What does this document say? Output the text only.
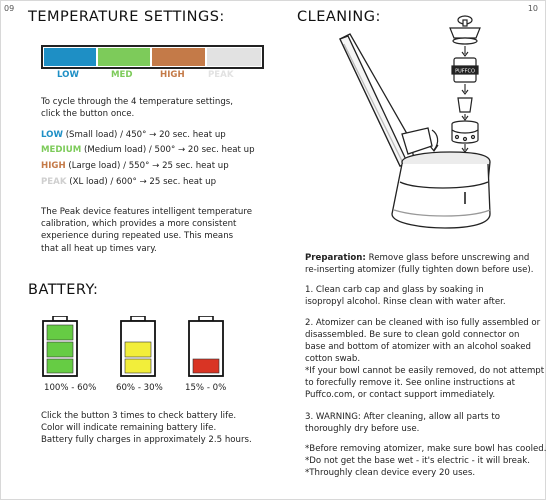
09	10
TEMPERATURE SETTINGS:
LOW	MED	HIGH	PEAK

To cycle through the 4 temperature settings,

click the button once.

LOW (Small load) / 450° → 20 sec. heat up
MEDIUM (Medium load) / 500° → 20 sec. heat up
HIGH (Large load) / 550° → 25 sec. heat up
PEAK (XL load) / 600° → 25 sec. heat up

The Peak device features intelligent temperature

calibration, which provides a more consistent

experience during repeated use. This means

that all heat up times vary.

BATTERY:
100% - 60% 60% - 30%	15% - 0%

Click the button 3 times to check battery life.

Color will indicate remaining battery life.

Battery fully charges in approximately 2.5 hours.

CLEANING:
PUFFCO

Preparation: Remove glass before unscrewing and

re-inserting atomizer (fully tighten down before use).

1. Clean carb cap and glass by soaking in

isopropyl alcohol. Rinse clean with water after.

2. Atomizer can be cleaned with iso fully assembled or

disassembled. Be sure to clean gold connector on

base and bottom of atomizer with an alcohol soaked

cotton swab.

*If your bowl cannot be easily removed, do not attempt

to forecfully remove it. See online instructions at

Puffco.com, or contact support immediately.

3. WARNING: After cleaning, allow all parts to

thoroughly dry before use.

*Before removing atomizer, make sure bowl has cooled.

*Do not get the base wet - it's electric - it will break.

*Throughly clean device every 20 uses.
